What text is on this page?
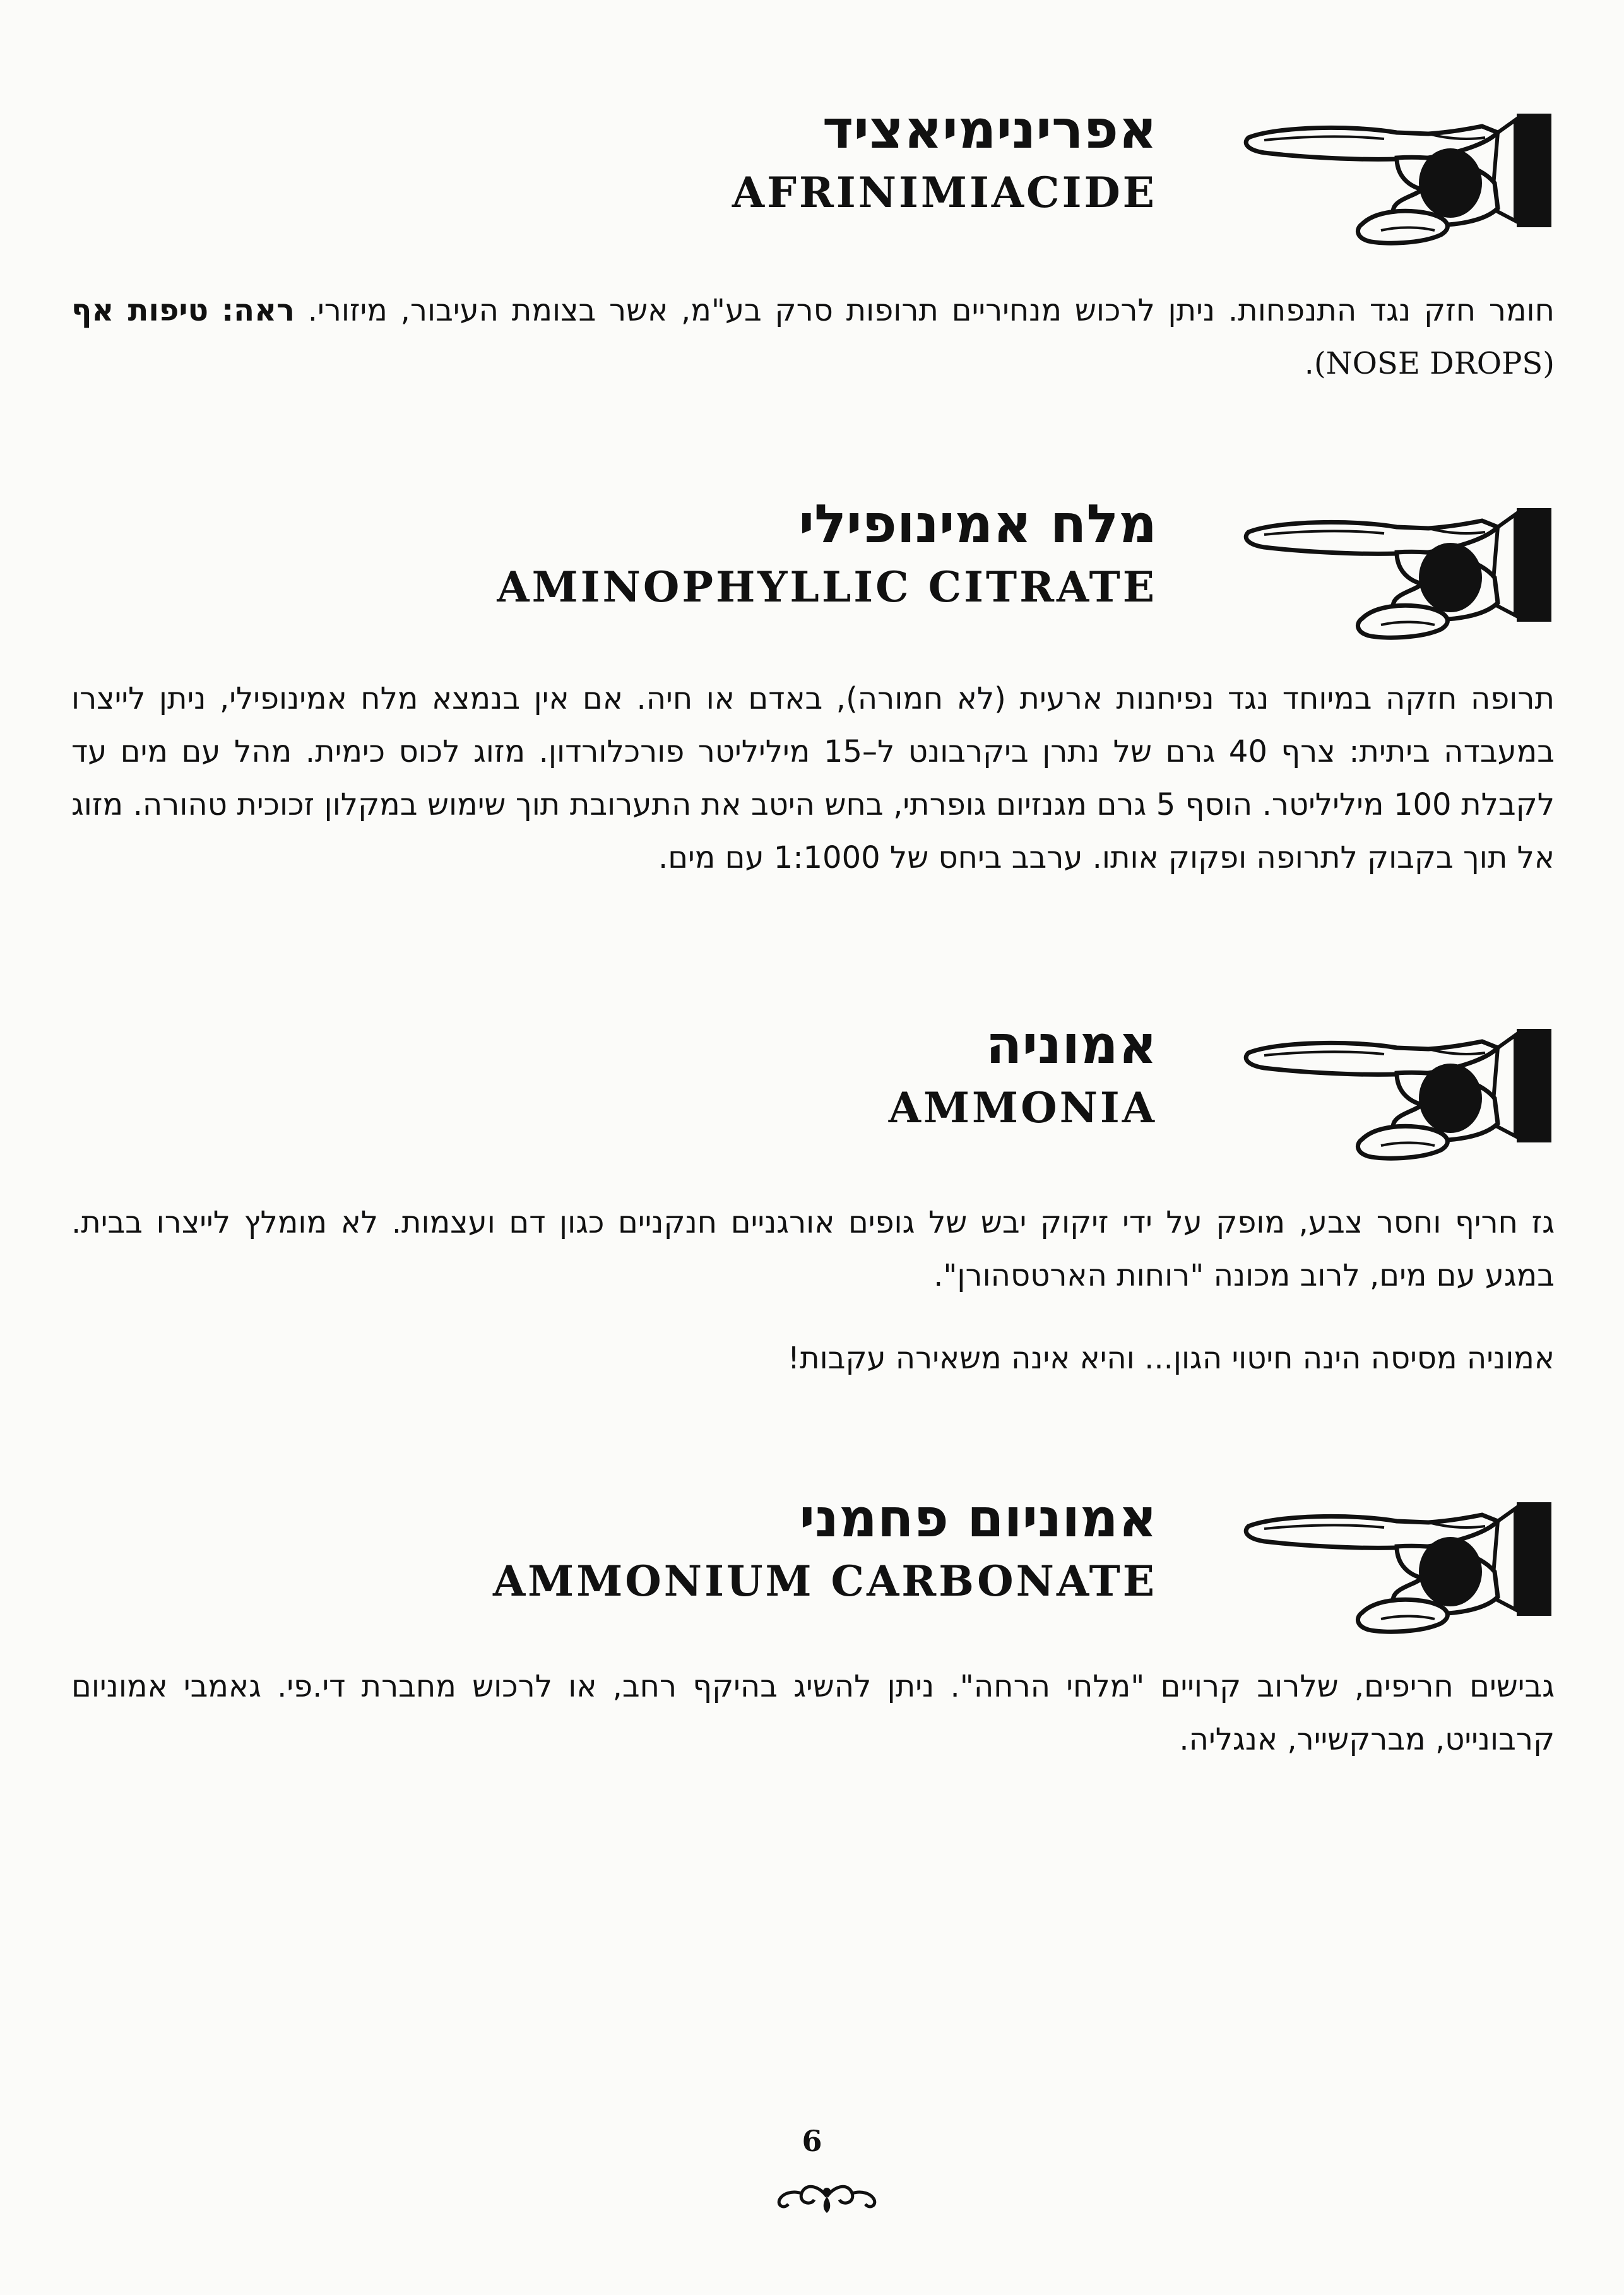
אפרינימיאציד

AFRINIMIACIDE

חומר חזק נגד התנפחות. ניתן לרכוש מנחיריים תרופות סרק בע"מ, אשר בצומת העיבור, מיזורי. ראה: טיפות אף (NOSE DROPS).

מלח אמינופילי

AMINOPHYLLIC CITRATE

תרופה חזקה במיוחד נגד נפיחנות ארעית (לא חמורה), באדם או חיה. אם אין בנמצא מלח אמינופילי, ניתן לייצרו במעבדה ביתית: צרף 40 גרם של נתרן ביקרבונט ל–15 מיליליטר פורכלורדון. מזוג לכוס כימית. מהל עם מים עד לקבלת 100 מיליליטר. הוסף 5 גרם מגנזיום גופרתי, בחש היטב את התערובת תוך שימוש במקלון זכוכית טהורה. מזוג אל תוך בקבוק לתרופה ופקוק אותו. ערבב ביחס של 1:1000 עם מים.

אמוניה

AMMONIA

גז חריף וחסר צבע, מופק על ידי זיקוק יבש של גופים אורגניים חנקניים כגון דם ועצמות. לא מומלץ לייצרו בבית. במגע עם מים, לרוב מכונה "רוחות הארטסהורן".

אמוניה מסיסה הינה חיטוי הגון... והיא אינה משאירה עקבות!

אמוניום פחמני

AMMONIUM CARBONATE

גבישים חריפים, שלרוב קרויים "מלחי הרחה". ניתן להשיג בהיקף רחב, או לרכוש מחברת די.פי. גאמבי אמוניום קרבונייט, מברקשייר, אנגליה.

6
